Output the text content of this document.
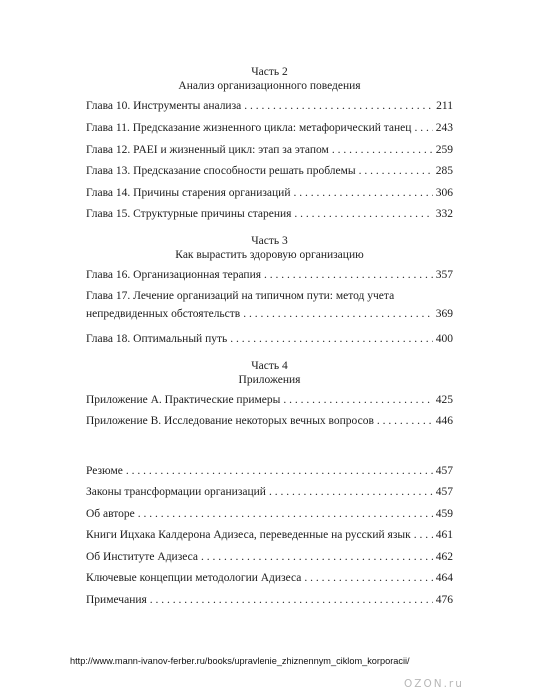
Часть 2
Анализ организационного поведения
Глава 10. Инструменты анализа . . .	211
Глава 11. Предсказание жизненного цикла: метафорический танец . . . 243
Глава 12. PAEI и жизненный цикл: этап за этапом . . .	259
Глава 13. Предсказание способности решать проблемы . . .	285
Глава 14. Причины старения организаций . . .	306
Глава 15. Структурные причины старения . . .	332
Часть 3
Как вырастить здоровую организацию
Глава 16. Организационная терапия . . .	357
Глава 17. Лечение организаций на типичном пути: метод учета
непредвиденных обстоятельств . . .	369
Глава 18. Оптимальный путь . . .	400
Часть 4
Приложения
Приложение А. Практические примеры . . .	425
Приложение В. Исследование некоторых вечных вопросов . . .	446
Резюме . . .	457
Законы трансформации организаций . . .	457
Об авторе . . .	459
Книги Ицхака Калдерона Адизеса, переведенные на русский язык . . . 461
Об Институте Адизеса . . .	462
Ключевые концепции методологии Адизеса . . .	464
Примечания . . .	476
http://www.mann-ivanov-ferber.ru/books/upravlenie_zhiznennym_ciklom_korporacii/
OZON.ru
